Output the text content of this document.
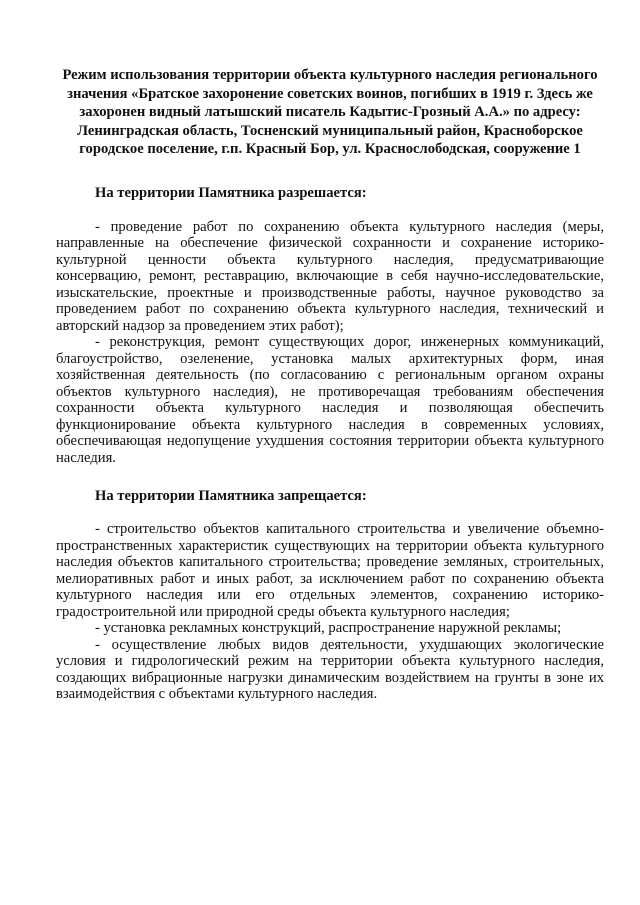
Режим использования территории объекта культурного наследия регионального значения «Братское захоронение советских воинов, погибших в 1919 г. Здесь же захоронен видный латышский писатель Кадытис-Грозный А.А.» по адресу: Ленинградская область, Тосненский муниципальный район, Красноборское городское поселение, г.п. Красный Бор, ул. Краснослободская, сооружение 1
На территории Памятника разрешается:

- проведение работ по сохранению объекта культурного наследия (меры, направленные на обеспечение физической сохранности и сохранение историко-культурной ценности объекта культурного наследия, предусматривающие консервацию, ремонт, реставрацию, включающие в себя научно-исследовательские, изыскательские, проектные и производственные работы, научное руководство за проведением работ по сохранению объекта культурного наследия, технический и авторский надзор за проведением этих работ);

- реконструкция, ремонт существующих дорог, инженерных коммуникаций, благоустройство, озеленение, установка малых архитектурных форм, иная хозяйственная деятельность (по согласованию с региональным органом охраны объектов культурного наследия), не противоречащая требованиям обеспечения сохранности объекта культурного наследия и позволяющая обеспечить функционирование объекта культурного наследия в современных условиях, обеспечивающая недопущение ухудшения состояния территории объекта культурного наследия.

На территории Памятника запрещается:

- строительство объектов капитального строительства и увеличение объемно-пространственных характеристик существующих на территории объекта культурного наследия объектов капитального строительства; проведение земляных, строительных, мелиоративных работ и иных работ, за исключением работ по сохранению объекта культурного наследия или его отдельных элементов, сохранению историко-градостроительной или природной среды объекта культурного наследия;

- установка рекламных конструкций, распространение наружной рекламы;

- осуществление любых видов деятельности, ухудшающих экологические условия и гидрологический режим на территории объекта культурного наследия, создающих вибрационные нагрузки динамическим воздействием на грунты в зоне их взаимодействия с объектами культурного наследия.
